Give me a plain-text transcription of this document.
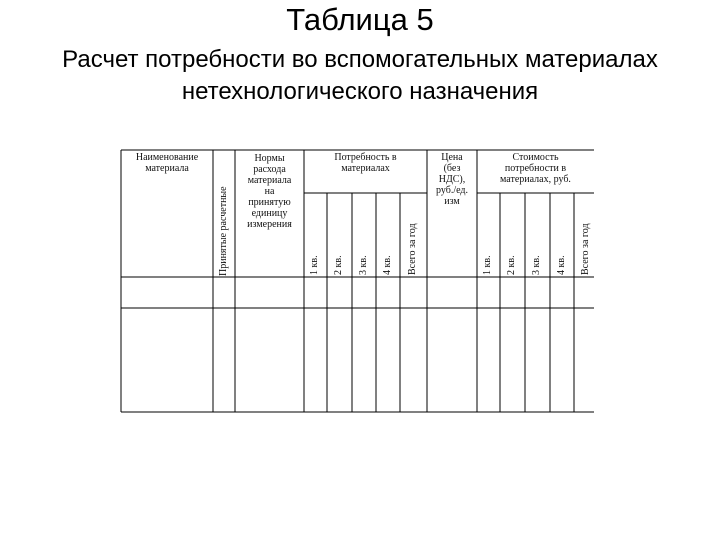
Таблица 5
Расчет потребности во вспомогательных материалах
нетехнологического назначения
Наименование
материала
Принятые расчетные
Нормы
расхода
материала
на
принятую
единицу
измерения
Потребность в
материалах
Цена
(без
НДС),
руб./ед.
изм
Стоимость
потребности в
материалах, руб.
1 кв. 2 кв. 3 кв. 4 кв. Всего за год	1 кв. 2 кв. 3 кв. 4 кв. Всего за год
